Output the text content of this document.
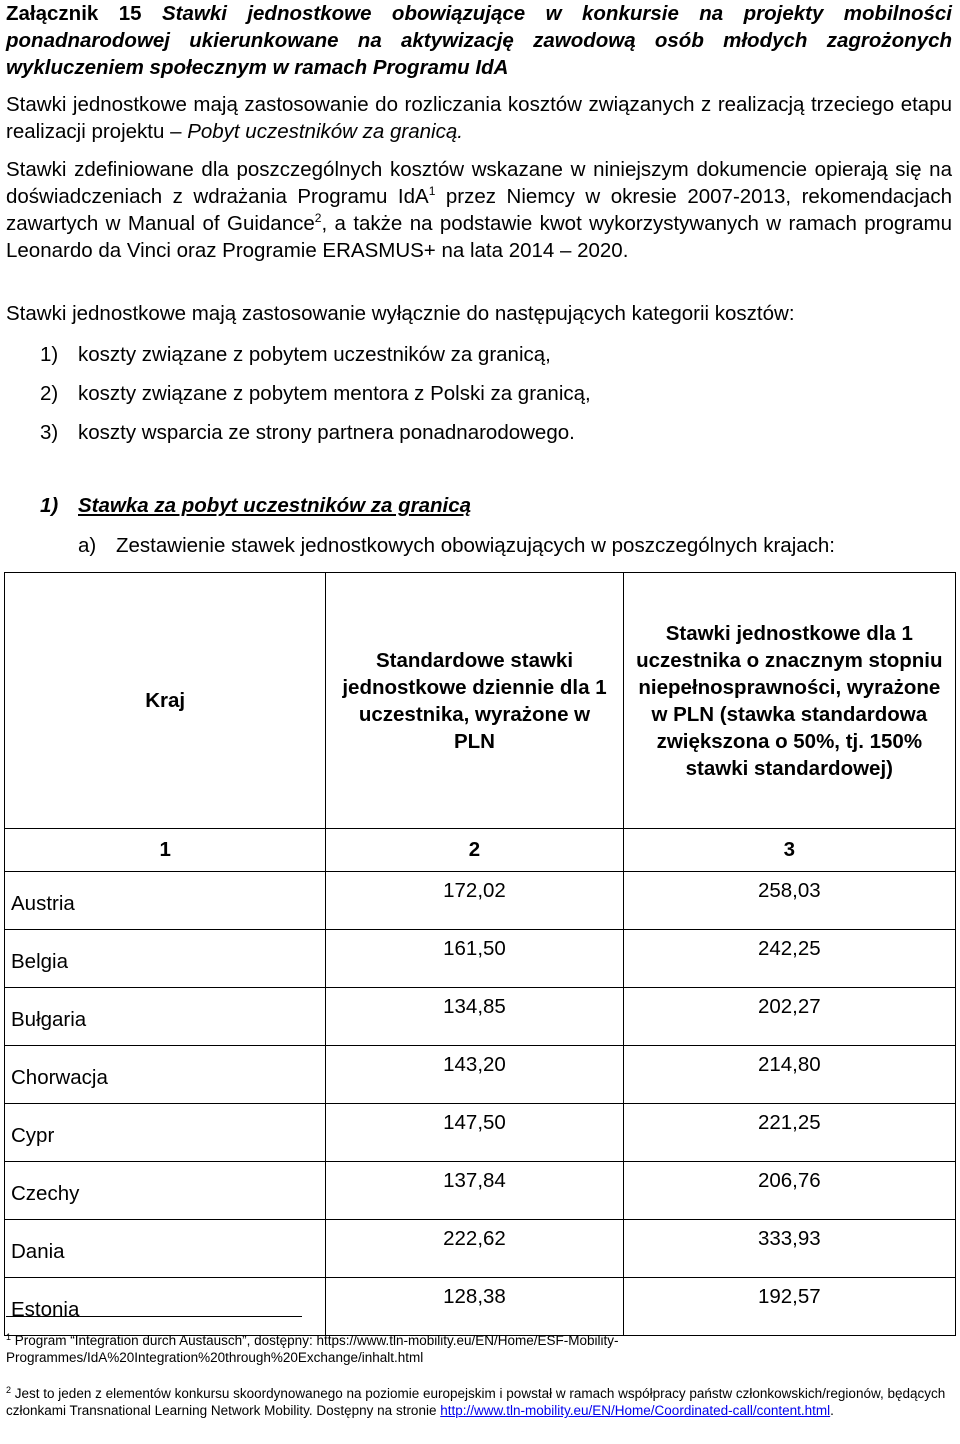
Załącznik 15 Stawki jednostkowe obowiązujące w konkursie na projekty mobilności ponadnarodowej ukierunkowane na aktywizację zawodową osób młodych zagrożonych wykluczeniem społecznym w ramach Programu IdA
Stawki jednostkowe mają zastosowanie do rozliczania kosztów związanych z realizacją trzeciego etapu realizacji projektu – Pobyt uczestników za granicą.
Stawki zdefiniowane dla poszczególnych kosztów wskazane w niniejszym dokumencie opierają się na doświadczeniach z wdrażania Programu IdA$^1$ przez Niemcy w okresie 2007-2013, rekomendacjach zawartych w Manual of Guidance$^2$, a także na podstawie kwot wykorzystywanych w ramach programu Leonardo da Vinci oraz Programie ERASMUS+ na lata 2014 – 2020.
Stawki jednostkowe mają zastosowanie wyłącznie do następujących kategorii kosztów:
1) koszty związane z pobytem uczestników za granicą,
2) koszty związane z pobytem mentora z Polski za granicą,
3) koszty wsparcia ze strony partnera ponadnarodowego.
1) Stawka za pobyt uczestników za granicą
a) Zestawienie stawek jednostkowych obowiązujących w poszczególnych krajach:
Kraj	Standardowe stawki jednostkowe dziennie dla 1 uczestnika, wyrażone w PLN	Stawki jednostkowe dla 1 uczestnika o znacznym stopniu niepełnosprawności, wyrażone w PLN (stawka standardowa zwiększona o 50%, tj. 150% stawki standardowej)
1	2	3
Austria	172,02	258,03
Belgia	161,50	242,25
Bułgaria	134,85	202,27
Chorwacja	143,20	214,80
Cypr	147,50	221,25
Czechy	137,84	206,76
Dania	222,62	333,93
Estonia	128,38	192,57
$^1$ Program “Integration durch Austausch”, dostępny: https://www.tln-mobility.eu/EN/Home/ESF-Mobility-Programmes/IdA%20Integration%20through%20Exchange/inhalt.html
$^2$ Jest to jeden z elementów konkursu skoordynowanego na poziomie europejskim i powstał w ramach współpracy państw członkowskich/regionów, będących członkami Transnational Learning Network Mobility. Dostępny na stronie http://www.tln-mobility.eu/EN/Home/Coordinated-call/content.html.
